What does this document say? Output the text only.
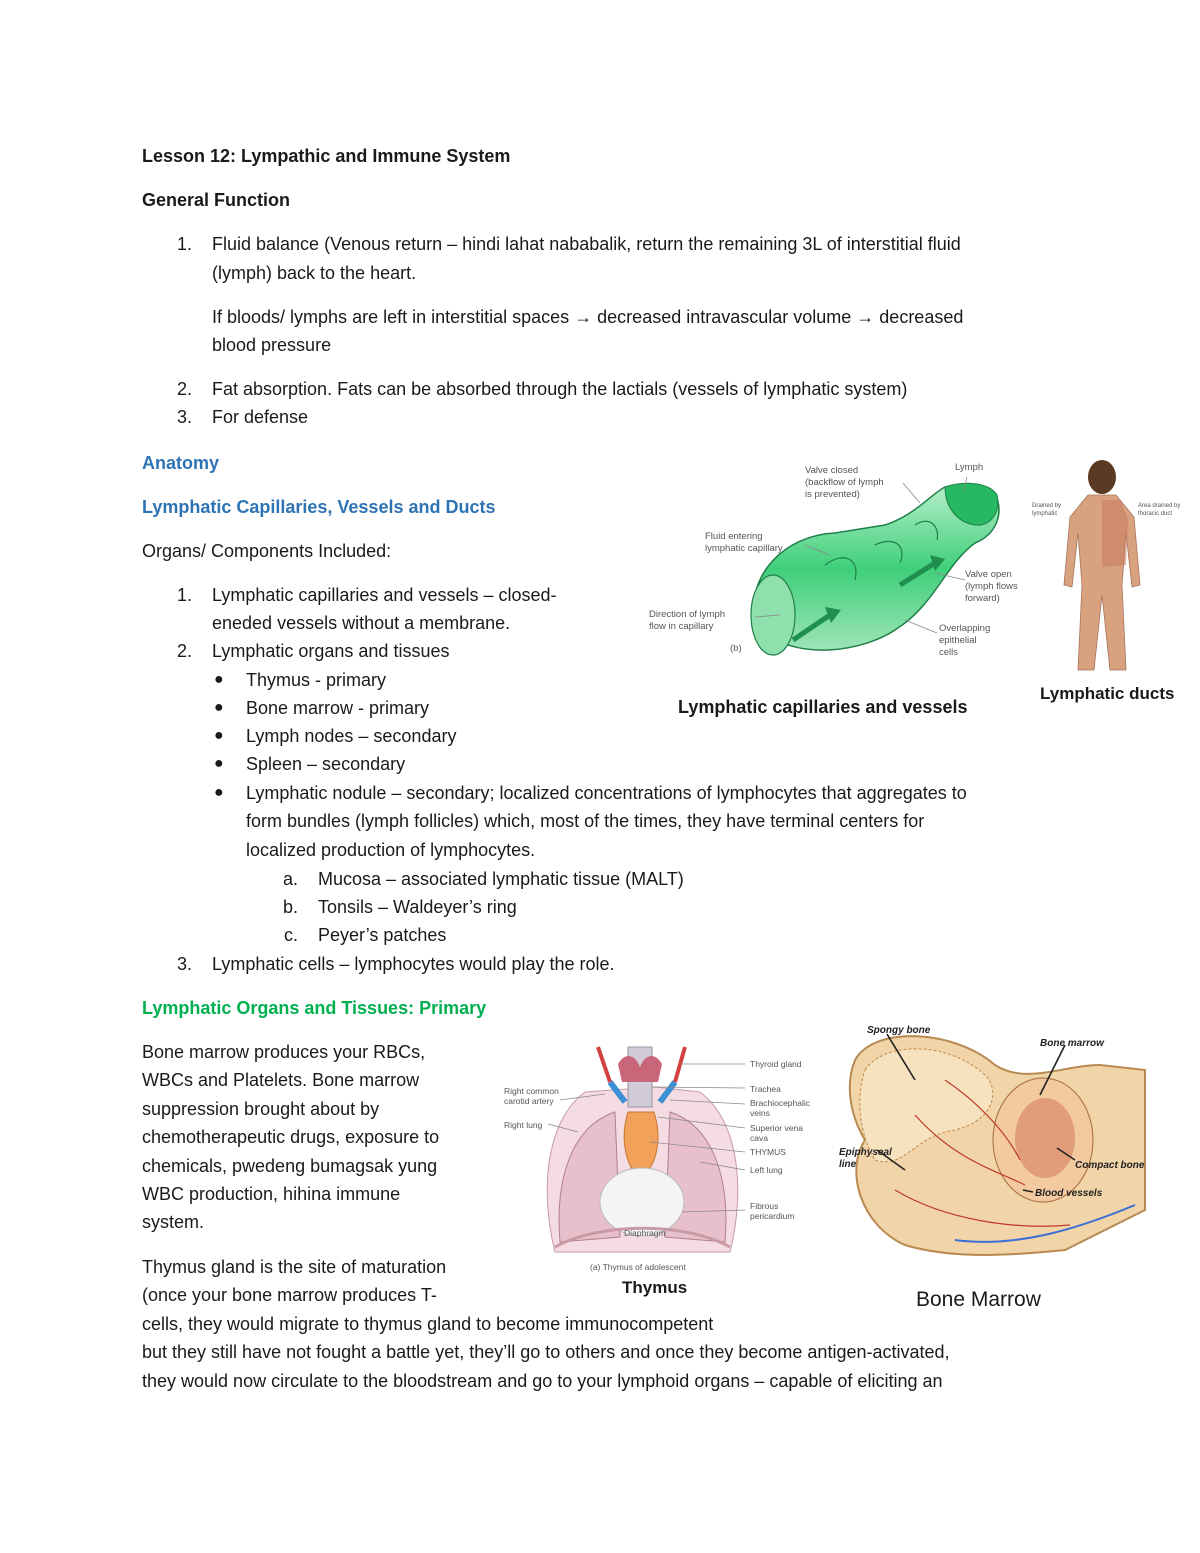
Lesson 12: Lympathic and Immune System
General Function
1. Fluid balance (Venous return – hindi lahat nababalik, return the remaining 3L of interstitial fluid
(lymph) back to the heart.
If bloods/ lymphs are left in interstitial spaces → decreased intravascular volume → decreased
blood pressure
2. Fat absorption. Fats can be absorbed through the lactials (vessels of lymphatic system)
3. For defense
Anatomy
Lymphatic Capillaries, Vessels and Ducts
Organs/ Components Included:
1. Lymphatic capillaries and vessels – closed-
eneded vessels without a membrane.
2. Lymphatic organs and tissues
● Thymus - primary
● Bone marrow - primary
● Lymph nodes – secondary
● Spleen – secondary
● Lymphatic nodule – secondary; localized concentrations of lymphocytes that aggregates to
form bundles (lymph follicles) which, most of the times, they have terminal centers for
localized production of lymphocytes.
a. Mucosa – associated lymphatic tissue (MALT)
b. Tonsils – Waldeyer’s ring
c. Peyer’s patches
3. Lymphatic cells – lymphocytes would play the role.
Valve closed
(backflow of lymph
is prevented)
Lymph
Fluid entering
lymphatic capillary
Valve open
(lymph flows
forward)
Direction of lymph
flow in capillary	Overlapping
epithelial
cells
(b)
Lymphatic capillaries and vessels
Drained by
lymphatic
Area drained by
thoracic duct
Lymphatic ducts
Lymphatic Organs and Tissues: Primary
Bone marrow produces your RBCs,
WBCs and Platelets. Bone marrow
suppression brought about by
chemotherapeutic drugs, exposure to
chemicals, pwedeng bumagsak yung
WBC production, hihina immune
system.
Thymus gland is the site of maturation
(once your bone marrow produces T-
cells, they would migrate to thymus gland to become immunocompetent
but they still have not fought a battle yet, they’ll go to others and once they become antigen-activated,
they would now circulate to the bloodstream and go to your lymphoid organs – capable of eliciting an
Thyroid gland
Trachea
Brachiocephalic
veins
Superior vena
cava
THYMUS
Left lung
Fibrous
pericardium
Right common
carotid artery
Right lung
Diaphragm
(a) Thymus of adolescent
Thymus
Spongy bone
Bone marrow
Epiphyseal
line	Compact bone
Blood vessels
Bone Marrow
